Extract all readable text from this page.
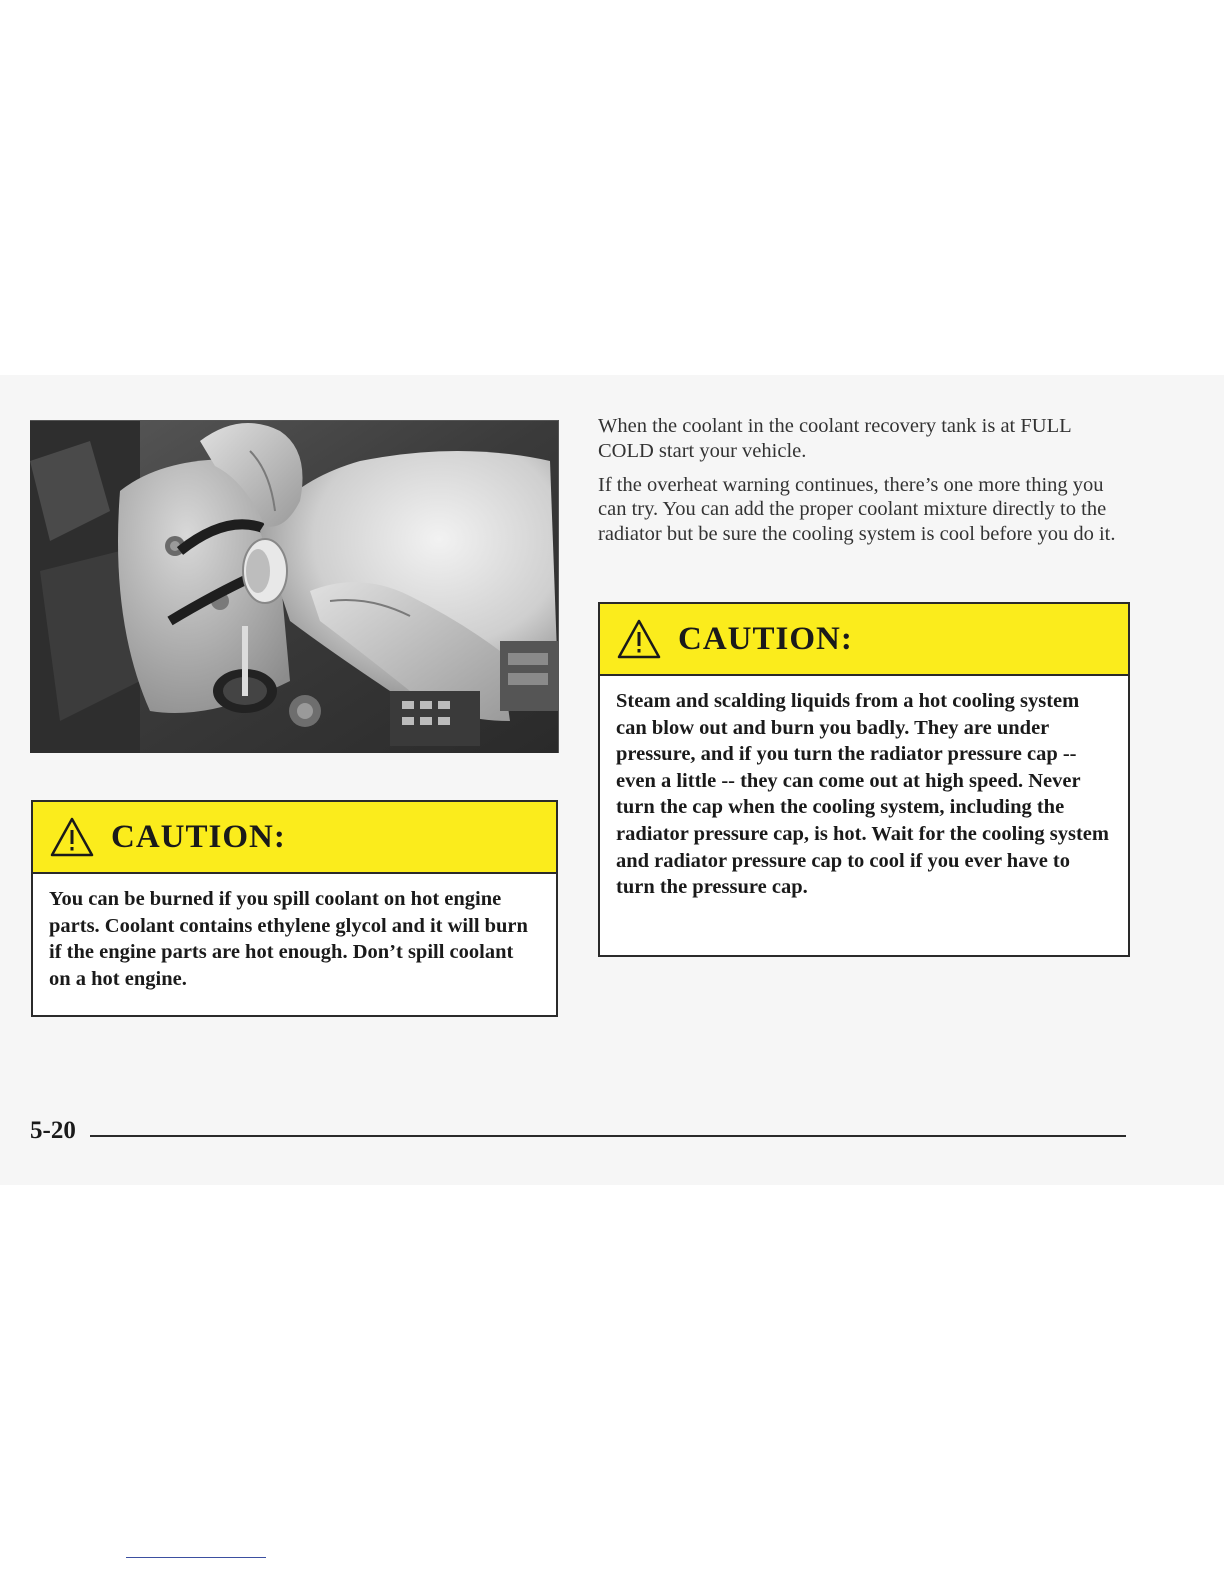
CAUTION:
You can be burned if you spill coolant on hot engine parts. Coolant contains ethylene glycol and it will burn if the engine parts are hot enough. Don’t spill coolant on a hot engine.

When the coolant in the coolant recovery tank is at FULL COLD start your vehicle.

If the overheat warning continues, there’s one more thing you can try. You can add the proper coolant mixture directly to the radiator but be sure the cooling system is cool before you do it.

CAUTION:
Steam and scalding liquids from a hot cooling system can blow out and burn you badly. They are under pressure, and if you turn the radiator pressure cap -- even a little -- they can come out at high speed. Never turn the cap when the cooling system, including the radiator pressure cap, is hot. Wait for the cooling system and radiator pressure cap to cool if you ever have to turn the pressure cap.
5-20
